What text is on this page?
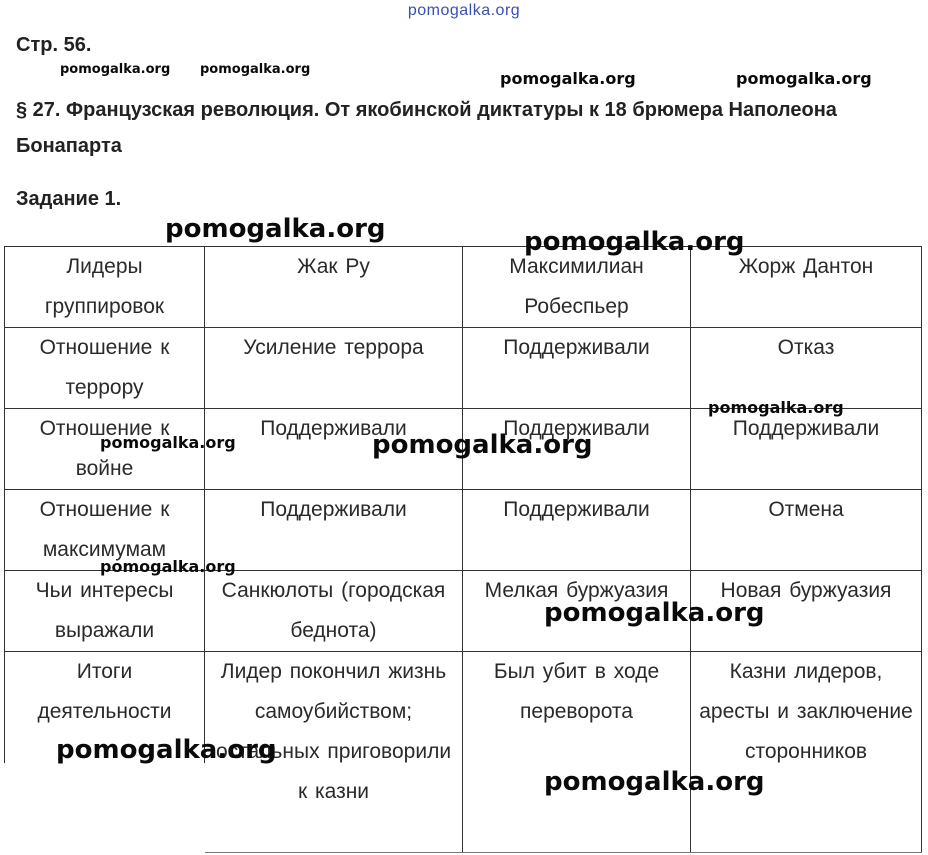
pomogalka.org
Стр. 56.
§ 27. Французская революция. От якобинской диктатуры к 18 брюмера Наполеона Бонапарта
Задание 1.
Лидеры группировок	Жак Ру	Максимилиан Робеспьер	Жорж Дантон
Отношение к террору	Усиление террора	Поддерживали	Отказ
Отношение к войне	Поддерживали	Поддерживали	Поддерживали
Отношение к максимумам	Поддерживали	Поддерживали	Отмена
Чьи интересы выражали	Санкюлоты (городская беднота)	Мелкая буржуазия	Новая буржуазия
Итоги деятельности	Лидер покончил жизнь самоубийством; остальных приговорили к казни	Был убит в ходе переворота	Казни лидеров, аресты и заключение сторонников
pomogalka.org pomogalka.org	pomogalka.org	pomogalka.org
pomogalka.org	pomogalka.org
pomogalka.org
pomogalka.org	pomogalka.org
pomogalka.org
pomogalka.org
pomogalka.org
pomogalka.org
